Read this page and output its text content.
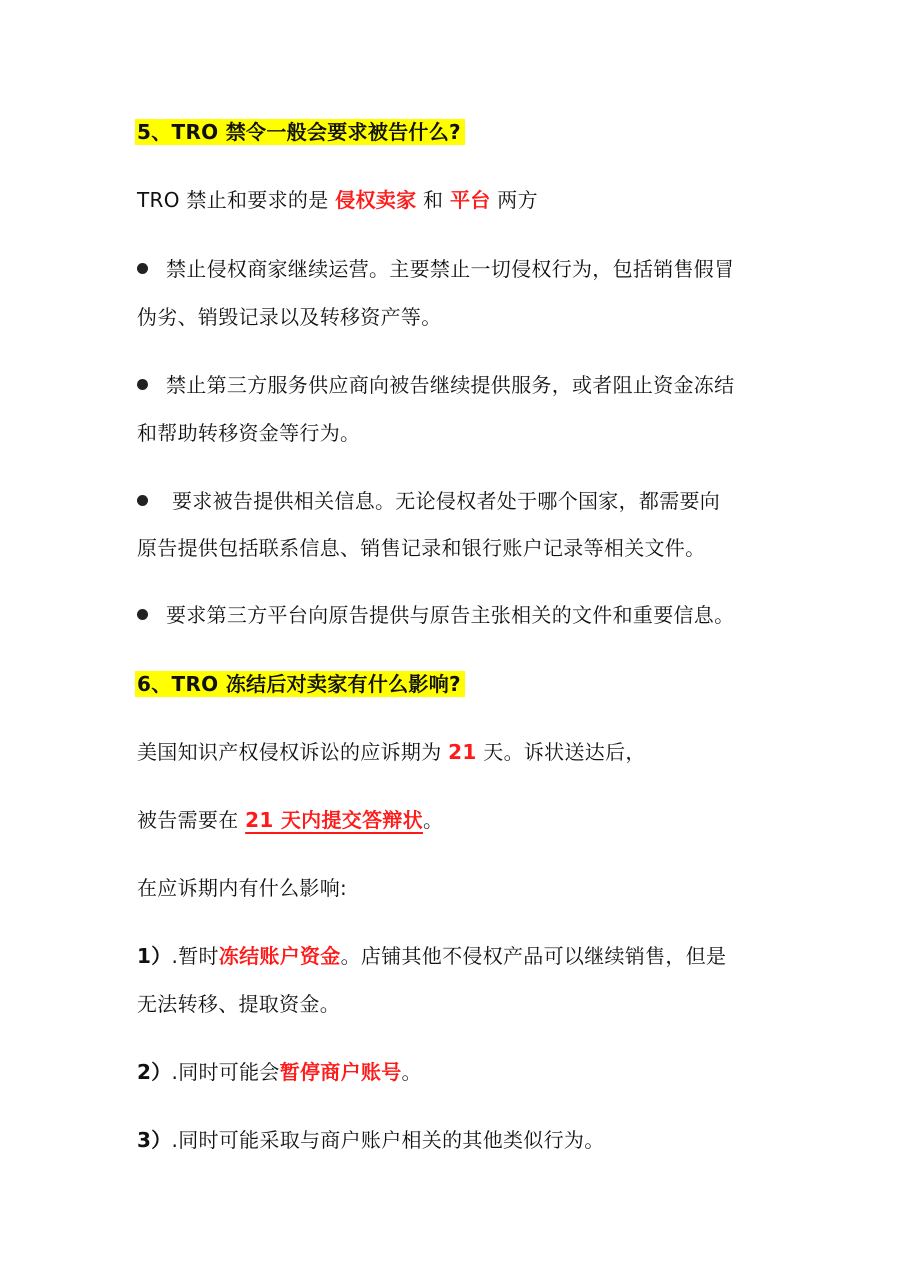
5、TRO 禁令一般会要求被告什么?
TRO 禁止和要求的是 侵权卖家 和 平台 两方
禁止侵权商家继续运营。主要禁止一切侵权行为，包括销售假冒
伪劣、销毁记录以及转移资产等。
禁止第三方服务供应商向被告继续提供服务，或者阻止资金冻结
和帮助转移资金等行为。
要求被告提供相关信息。无论侵权者处于哪个国家，都需要向
原告提供包括联系信息、销售记录和银行账户记录等相关文件。
要求第三方平台向原告提供与原告主张相关的文件和重要信息。
6、TRO 冻结后对卖家有什么影响?
美国知识产权侵权诉讼的应诉期为 21 天。诉状送达后，
被告需要在 21 天内提交答辩状。
在应诉期内有什么影响:
1）.暂时冻结账户资金。店铺其他不侵权产品可以继续销售，但是
无法转移、提取资金。
2）.同时可能会暂停商户账号。
3）.同时可能采取与商户账户相关的其他类似行为。
